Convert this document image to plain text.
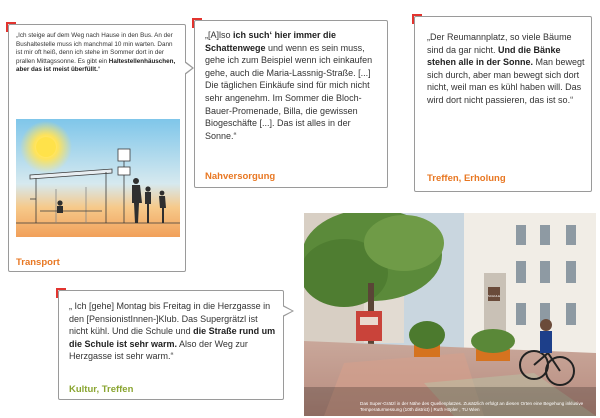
„Ich steige auf dem Weg nach Hause in den Bus. An der Bushaltestelle muss ich manchmal 10 min warten. Dann ist mir oft heiß, denn ich stehe im Sommer dort in der prallen Mittagssonne. Es gibt ein Haltestellenhäuschen, aber das ist meist überfüllt.“
Transport
„[A]lso ich such‘ hier immer die Schattenwege und wenn es sein muss, gehe ich zum Beispiel wenn ich einkaufen gehe, auch die Maria-Lassnig-Straße. [...] Die täglichen Einkäufe sind für mich nicht sehr angenehm. Im Sommer die Bloch-Bauer-Promenade, Billa, die gewissen Biogeschäfte [...]. Das ist alles in der Sonne.“
Nahversorgung
„Der Reumannplatz, so viele Bäume sind da gar nicht. Und die Bänke stehen alle in der Sonne. Man bewegt sich durch, aber man bewegt sich dort nicht, weil man es kühl haben will. Das wird dort nicht passieren, das ist so.“
Treffen, Erholung
„ Ich [gehe] Montag bis Freitag in die Herzgasse in den [PensionistInnen-]Klub. Das Supergrätzl ist nicht kühl. Und die Schule und die Straße rund um die Schule ist sehr warm. Also der Weg zur Herzgasse ist sehr warm.“
Kultur, Treffen
SCHULE
Das Super-Grätzl in der Nähe des Quellenplatzes. Zusätzlich erfolgt an diesen Orten eine Begehung inklusive Temperaturmessung (10th district) | Ruth Höpler , TU Wien
